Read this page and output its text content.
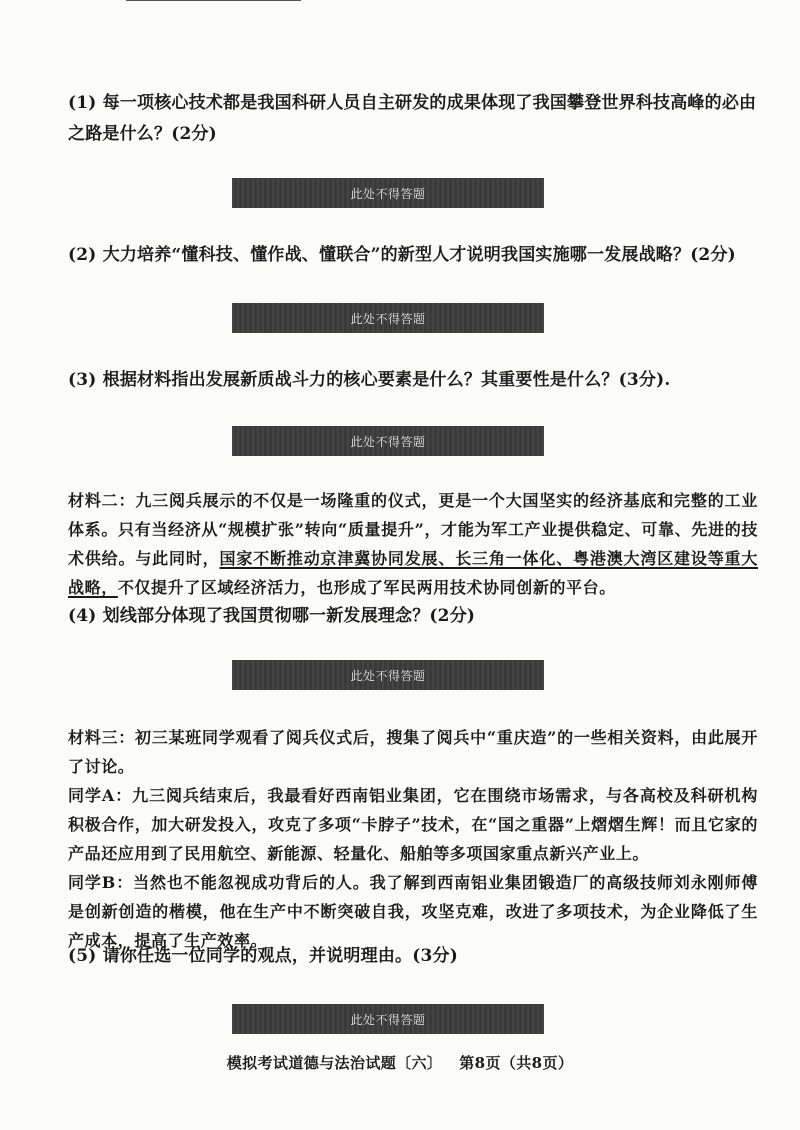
(1) 每一项核心技术都是我国科研人员自主研发的成果体现了我国攀登世界科技高峰的必由
之路是什么？(2分)
此处不得答题
(2) 大力培养“懂科技、懂作战、懂联合”的新型人才说明我国实施哪一发展战略？(2分)
此处不得答题
(3) 根据材料指出发展新质战斗力的核心要素是什么？其重要性是什么？(3分).
此处不得答题
材料二：九三阅兵展示的不仅是一场隆重的仪式，更是一个大国坚实的经济基底和完整的工业体系。只有当经济从“规模扩张”转向“质量提升”，才能为军工产业提供稳定、可靠、先进的技术供给。与此同时，国家不断推动京津冀协同发展、长三角一体化、粤港澳大湾区建设等重大战略，不仅提升了区域经济活力，也形成了军民两用技术协同创新的平台。
(4) 划线部分体现了我国贯彻哪一新发展理念？(2分)
此处不得答题
材料三：初三某班同学观看了阅兵仪式后，搜集了阅兵中“重庆造”的一些相关资料，由此展开了讨论。
同学A：九三阅兵结束后，我最看好西南铝业集团，它在围绕市场需求，与各高校及科研机构积极合作，加大研发投入，攻克了多项“卡脖子”技术，在“国之重器”上熠熠生辉！而且它家的产品还应用到了民用航空、新能源、轻量化、船舶等多项国家重点新兴产业上。
同学B：当然也不能忽视成功背后的人。我了解到西南铝业集团锻造厂的高级技师刘永刚师傅是创新创造的楷模，他在生产中不断突破自我，攻坚克难，改进了多项技术，为企业降低了生产成本，提高了生产效率。
(5) 请你任选一位同学的观点，并说明理由。(3分)
此处不得答题
模拟考试道德与法治试题〔六〕 第8页（共8页）
